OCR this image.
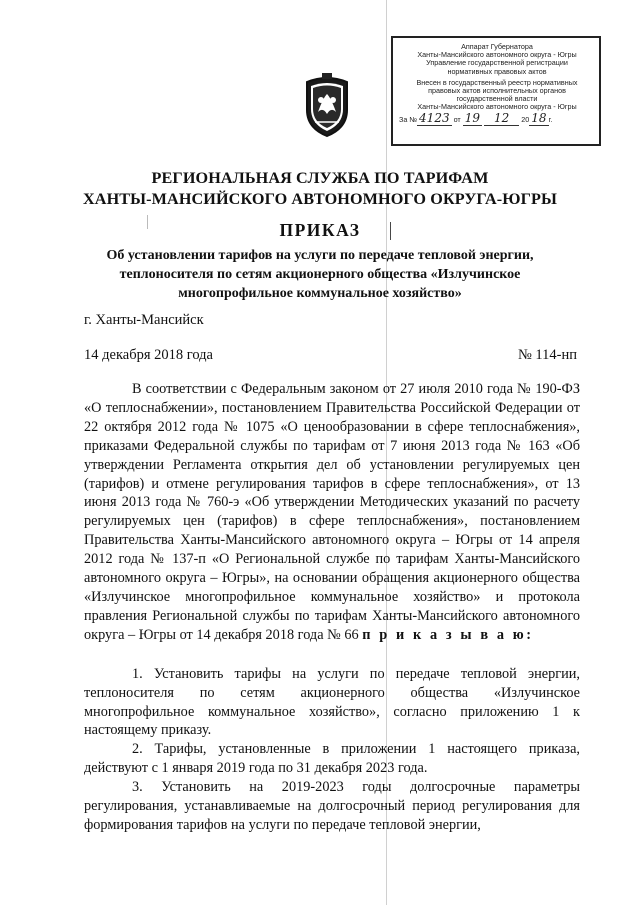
Аппарат Губернатора
Ханты-Мансийского автономного округа - Югры
Управление государственной регистрации
нормативных правовых актов
Внесен в государственный реестр нормативных
правовых актов исполнительных органов
государственной власти
Ханты-Мансийского автономного округа - Югры
За № 4123 от 19 12 20 18 г.
РЕГИОНАЛЬНАЯ СЛУЖБА ПО ТАРИФАМ
ХАНТЫ-МАНСИЙСКОГО АВТОНОМНОГО ОКРУГА-ЮГРЫ
ПРИКАЗ
Об установлении тарифов на услуги по передаче тепловой энергии, теплоносителя по сетям акционерного общества «Излучинское многопрофильное коммунальное хозяйство»
г. Ханты-Мансийск
14 декабря 2018 года	№ 114-нп

В соответствии с Федеральным законом от 27 июля 2010 года № 190-ФЗ «О теплоснабжении», постановлением Правительства Российской Федерации от 22 октября 2012 года № 1075 «О ценообразовании в сфере теплоснабжения», приказами Федеральной службы по тарифам от 7 июня 2013 года № 163 «Об утверждении Регламента открытия дел об установлении регулируемых цен (тарифов) и отмене регулирования тарифов в сфере теплоснабжения», от 13 июня 2013 года № 760-э «Об утверждении Методических указаний по расчету регулируемых цен (тарифов) в сфере теплоснабжения», постановлением Правительства Ханты-Мансийского автономного округа – Югры от 14 апреля 2012 года № 137-п «О Региональной службе по тарифам Ханты-Мансийского автономного округа – Югры», на основании обращения акционерного общества «Излучинское многопрофильное коммунальное хозяйство» и протокола правления Региональной службы по тарифам Ханты-Мансийского автономного округа – Югры от 14 декабря 2018 года № 66 п р и к а з ы в а ю:

1. Установить тарифы на услуги по передаче тепловой энергии, теплоносителя по сетям акционерного общества «Излучинское многопрофильное коммунальное хозяйство», согласно приложению 1 к настоящему приказу.

2. Тарифы, установленные в приложении 1 настоящего приказа, действуют с 1 января 2019 года по 31 декабря 2023 года.

3. Установить на 2019-2023 годы долгосрочные параметры регулирования, устанавливаемые на долгосрочный период регулирования для формирования тарифов на услуги по передаче тепловой энергии,
